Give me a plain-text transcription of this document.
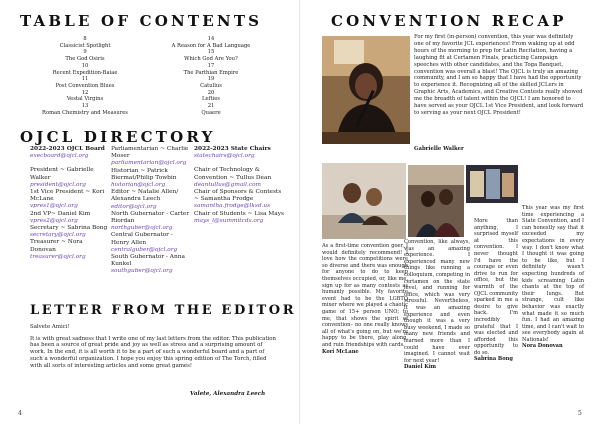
TABLE OF CONTENTS
8
Classicist Spotlight
9
The God Osiris
10
Recent Expedition-Baiae
11
Post Convention Blues
12
Vestal Virgins
13
Roman Chemistry and Measures
14
A Reason for A Bad Language
15
Which God Are You?
17
The Parthian Empire
19
Catullus
20
Lefties
21
Quaere
OJCL DIRECTORY
2022-2023 OJCL Board
execboard@ojcl.org
President ~ Gabrielle Walker
president@ojcl.org
1st Vice President ~ Kori McLane
vpres1@ojcl.org
2nd VP~ Daniel Kim
vpres2@ojcl.org
Secretary ~ Sabrina Bong
secretary@ojcl.org
Treasurer ~ Nora Donovan
treasurer@ojcl.org
Parliamentarian ~ Charlie Moser
parliamentarian@ojcl.org
Historian ~ Patrick Biermat/Philip Towbin
historian@ojcl.org
Editor ~ Natalie Allen/ Alexandra Leech
editor@ojcl.org
North Gubernator - Carter Riordan
northguber@ojcl.org
Central Gubernator - Henry Allen
centralguber@ojcl.org
South Gubernator - Anna Kunkel
southguber@ojcl.org
2022-2023 State Chairs
statechairs@ojcl.org
Chair of Technology & Convention ~ Tullus Dean
deantullus@gmail.com
Chair of Sponsors & Contests ~ Samantha Frodge
samantha.frodge@lksd.us
Chair of Students ~ Lisa Mays
mays_l@summitcds.org
LETTER FROM THE EDITOR

Salvete Amici!

It is with great sadness that I write one of my last letters from the editor. This publication has been a source of great pride and joy as well as stress and a surprising amount of work. In the end, it is all worth it to be a part of such a wonderful board and a part of such a wonderful organization. I hope you enjoy this spring edition of The Torch, filled with all sorts of interesting articles and some great games!

Valete, Alexandra Leech
4
CONVENTION RECAP
5
For my first (in-person) convention, this year was definitely one of my favorite JCL experiences! From waking up at odd hours of the morning to prep for Latin Recitation, having a laughing fit at Certamen Finals, practicing Campaign speeches with other candidates, and the Toga Banquet, convention was overall a blast! The OJCL is truly an amazing community, and I am so happy that I have had the opportunity to experience it. Recognizing all of the skilled JCLers in Graphic Arts, Academics, and Creative Contests really showed me the breadth of talent within the OJCL! I am honored to have served as your OJCL 1st Vice President, and look forward to serving as your next OJCL President!
Gabrielle Walker
As a first-time convention goer, I would definitely recommend! I love how the competitions were so diverse and there was enough for anyone to do to keep themselves occupied, or, like me, sign up for as many contests as humanly possible. My favorite event had to be the LGBTQ mixer where we played a chaotic game of 15+ person UNO; to me, that shows the spirit of convention– no one really knows all of what's going on, but we're happy to be there, play along, and ruin friendships with cards.
Kori McLane
Convention, like always, was an amazing experience. I experienced many new things like running a colloquium, competing in certamen on the state level, and running for office, which was very stressful. Nevertheless, it was an amazing experience and even though it was a very busy weekend, I made so many new friends and learned more than I could have ever imagined. I cannot wait for next year!
Daniel Kim
More than anything, I surprised myself at this convention. I never thought I'd have the courage or even drive to run for office, but the warmth of the OJCL community sparked in me a desire to give back. I'm incredibly grateful that I was elected and afforded this opportunity to do so.
Sabrina Bong
This year was my first time experiencing a State Convention, and I can honestly say that it exceeded my expectations in every way. I don't know what I thought it was going to be like, but I definitely wasn't expecting hundreds of kids screaming Latin chants at the top of their lungs. But strange, cult like behavior was exactly what made it so much fun. I had an amazing time, and I can't wait to see everybody again at Nationals!
Nora Donovan
